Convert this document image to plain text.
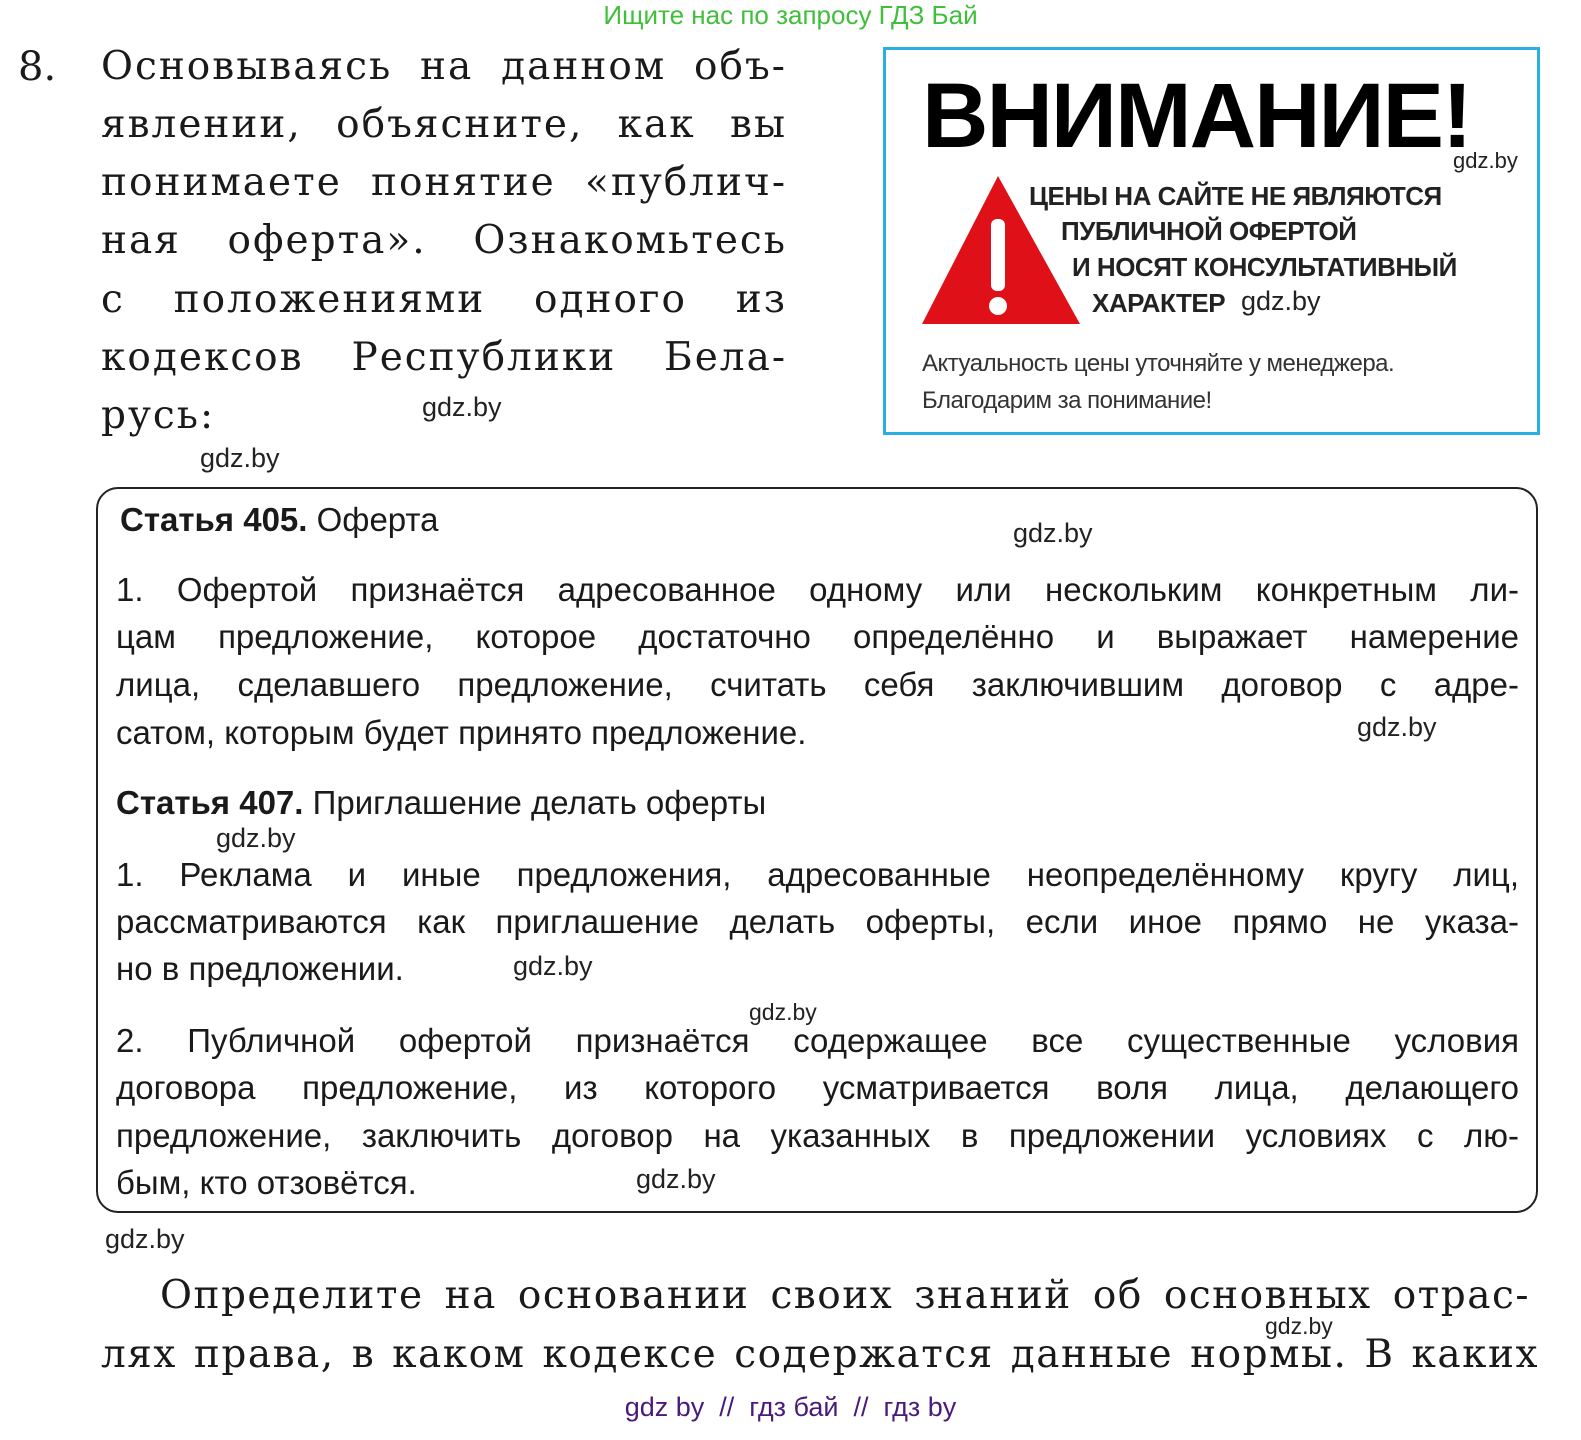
Ищите нас по запросу ГДЗ Бай
8. Основываясь на данном объ-
явлении, объясните, как вы
понимаете понятие «публич-
ная оферта». Ознакомьтесь
с положениями одного из
кодексов Республики Бела-
русь:	gdz.by
gdz.by
ВНИМАНИЕ!
gdz.by
ЦЕНЫ НА САЙТЕ НЕ ЯВЛЯЮТСЯ
ПУБЛИЧНОЙ ОФЕРТОЙ
И НОСЯТ КОНСУЛЬТАТИВНЫЙ
ХАРАКТЕР gdz.by
Актуальность цены уточняйте у менеджера.
Благодарим за понимание!
Статья 405. Оферта	gdz.by
1. Офертой признаётся адресованное одному или нескольким конкретным ли-
цам предложение, которое достаточно определённо и выражает намерение
лица, сделавшего предложение, считать себя заключившим договор с адре-
сатом, которым будет принято предложение.	gdz.by
Статья 407. Приглашение делать оферты
gdz.by
1. Реклама и иные предложения, адресованные неопределённому кругу лиц,
рассматриваются как приглашение делать оферты, если иное прямо не указа-
но в предложении.	gdz.by
gdz.by
2. Публичной офертой признаётся содержащее все существенные условия
договора предложение, из которого усматривается воля лица, делающего
предложение, заключить договор на указанных в предложении условиях с лю-
бым, кто отзовётся.	gdz.by
gdz.by
Определите на основании своих знаний об основных отрас-
gdz.by
лях права, в каком кодексе содержатся данные нормы. В каких
gdz by  //  гдз бай  //  гдз by
